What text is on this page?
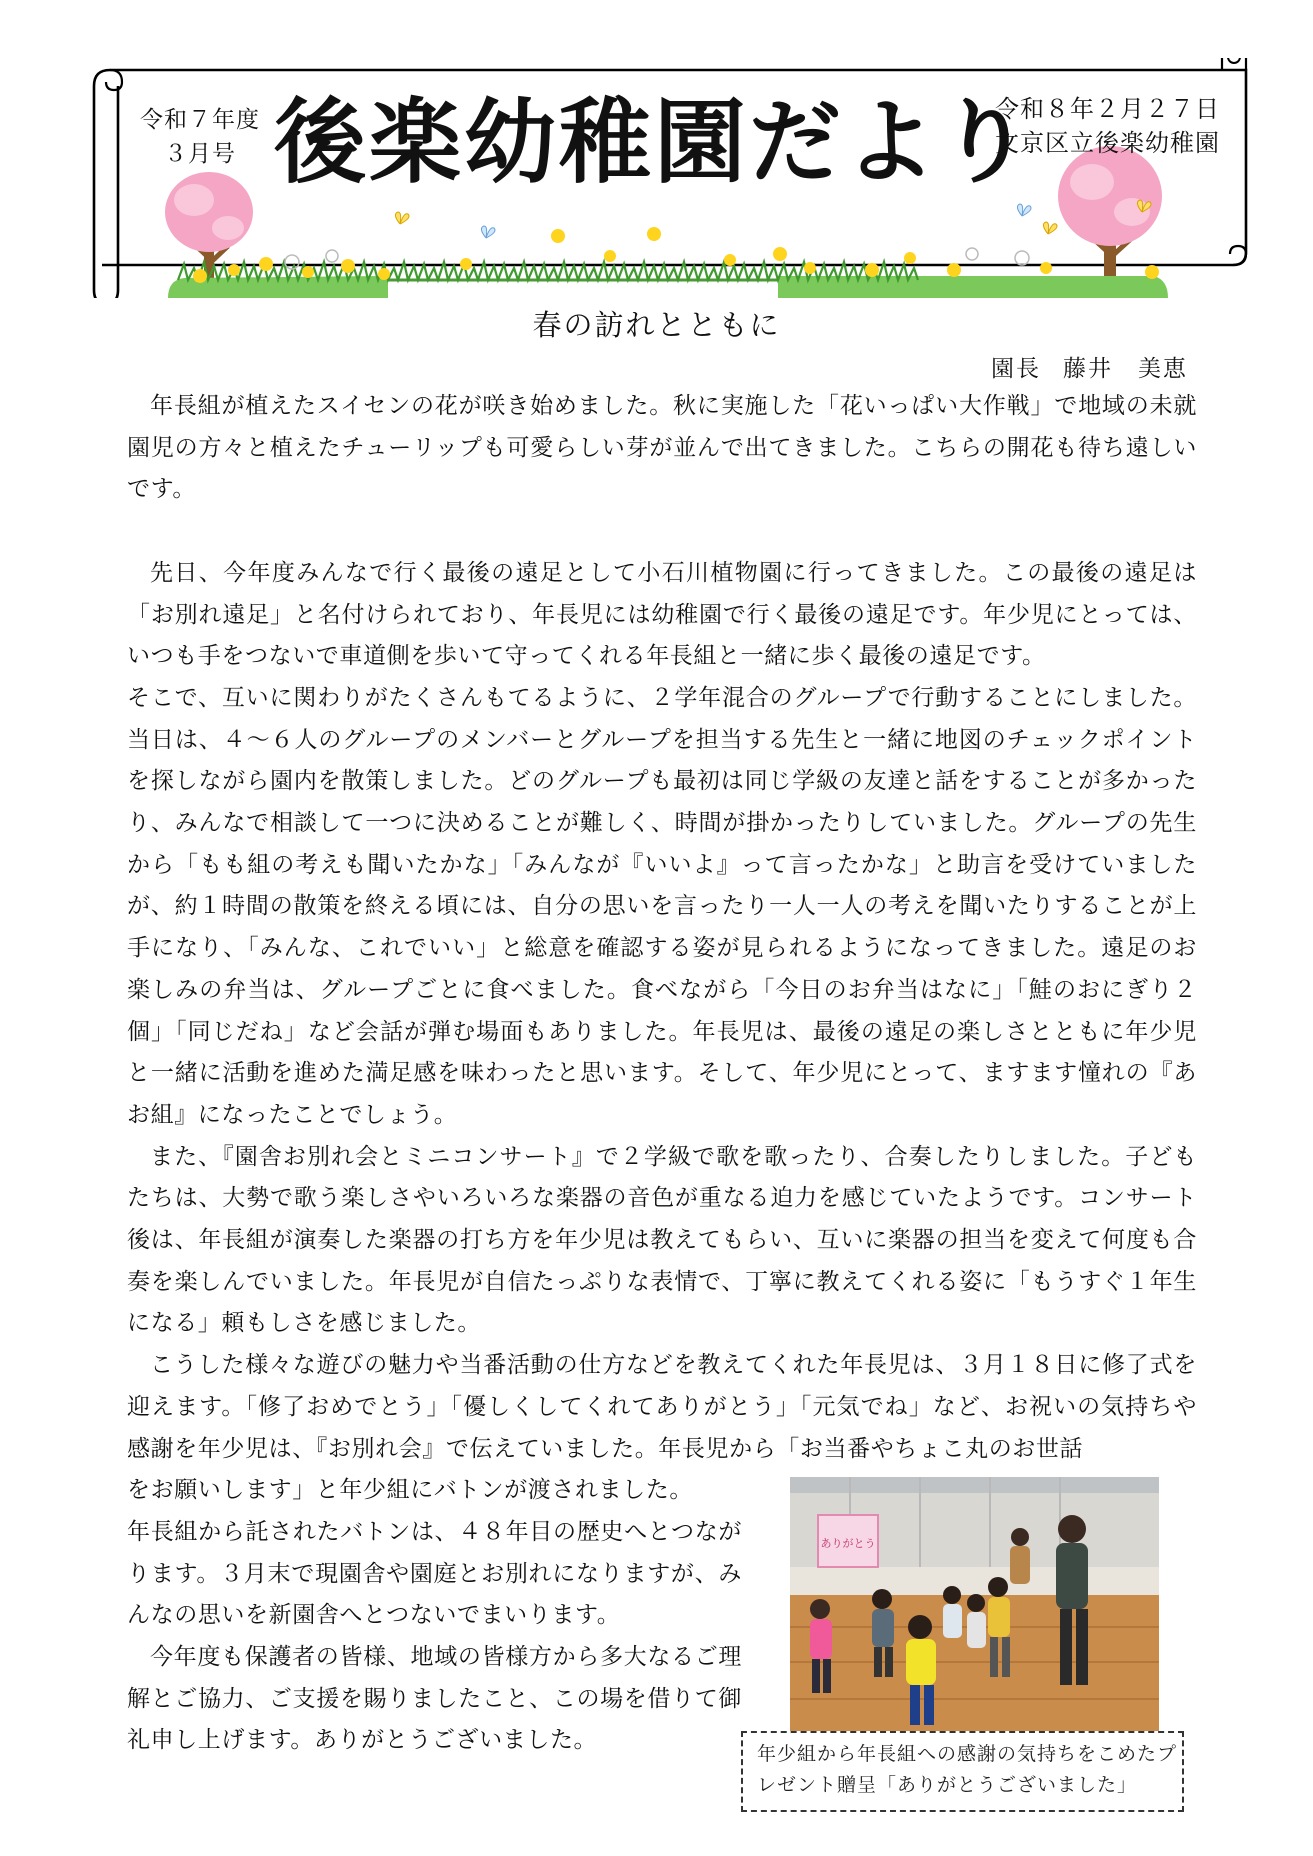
令和７年度
３月号 後楽幼稚園だより
令和８年２月２７日
文京区立後楽幼稚園
春の訪れとともに
園長 藤井　美恵

年長組が植えたスイセンの花が咲き始めました。秋に実施した「花いっぱい大作戦」で地域の未就園児の方々と植えたチューリップも可愛らしい芽が並んで出てきました。こちらの開花も待ち遠しいです。

先日、今年度みんなで行く最後の遠足として小石川植物園に行ってきました。この最後の遠足は「お別れ遠足」と名付けられており、年長児には幼稚園で行く最後の遠足です。年少児にとっては、いつも手をつないで車道側を歩いて守ってくれる年長組と一緒に歩く最後の遠足です。

そこで、互いに関わりがたくさんもてるように、２学年混合のグループで行動することにしました。当日は、４～６人のグループのメンバーとグループを担当する先生と一緒に地図のチェックポイントを探しながら園内を散策しました。どのグループも最初は同じ学級の友達と話をすることが多かったり、みんなで相談して一つに決めることが難しく、時間が掛かったりしていました。グループの先生から「もも組の考えも聞いたかな」「みんなが『いいよ』って言ったかな」と助言を受けていましたが、約１時間の散策を終える頃には、自分の思いを言ったり一人一人の考えを聞いたりすることが上手になり、「みんな、これでいい」と総意を確認する姿が見られるようになってきました。遠足のお楽しみの弁当は、グループごとに食べました。食べながら「今日のお弁当はなに」「鮭のおにぎり２個」「同じだね」など会話が弾む場面もありました。年長児は、最後の遠足の楽しさとともに年少児と一緒に活動を進めた満足感を味わったと思います。そして、年少児にとって、ますます憧れの『あお組』になったことでしょう。

また、『園舎お別れ会とミニコンサート』で２学級で歌を歌ったり、合奏したりしました。子どもたちは、大勢で歌う楽しさやいろいろな楽器の音色が重なる迫力を感じていたようです。コンサート後は、年長組が演奏した楽器の打ち方を年少児は教えてもらい、互いに楽器の担当を変えて何度も合奏を楽しんでいました。年長児が自信たっぷりな表情で、丁寧に教えてくれる姿に「もうすぐ１年生になる」頼もしさを感じました。

こうした様々な遊びの魅力や当番活動の仕方などを教えてくれた年長児は、３月１８日に修了式を迎えます。「修了おめでとう」「優しくしてくれてありがとう」「元気でね」など、お祝いの気持ちや感謝を年少児は、『お別れ会』で伝えていました。年長児から「お当番やちょこ丸のお世話

をお願いします」と年少組にバトンが渡されました。

年長組から託されたバトンは、４８年目の歴史へとつながります。３月末で現園舎や園庭とお別れになりますが、みんなの思いを新園舎へとつないでまいります。

今年度も保護者の皆様、地域の皆様方から多大なるご理解とご協力、ご支援を賜りましたこと、この場を借りて御礼申し上げます。ありがとうございました。

ありがとう
年少組から年長組への感謝の気持ちをこめたプレゼント贈呈「ありがとうございました」
